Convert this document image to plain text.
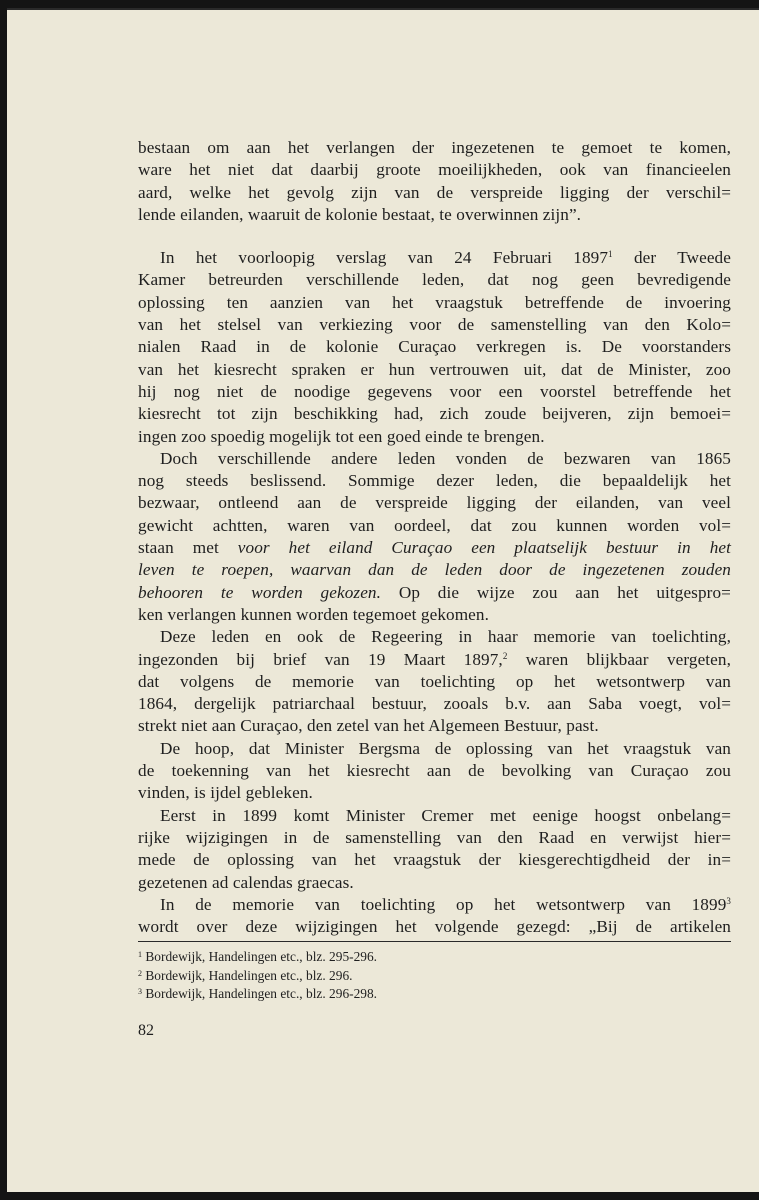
bestaan om aan het verlangen der ingezetenen te gemoet te komen,
ware het niet dat daarbij groote moeilijkheden, ook van financieelen
aard, welke het gevolg zijn van de verspreide ligging der verschil=
lende eilanden, waaruit de kolonie bestaat, te overwinnen zijn”.
In het voorloopig verslag van 24 Februari 1897$^1$ der Tweede
Kamer betreurden verschillende leden, dat nog geen bevredigende
oplossing ten aanzien van het vraagstuk betreffende de invoering
van het stelsel van verkiezing voor de samenstelling van den Kolo=
nialen Raad in de kolonie Curaçao verkregen is. De voorstanders
van het kiesrecht spraken er hun vertrouwen uit, dat de Minister, zoo
hij nog niet de noodige gegevens voor een voorstel betreffende het
kiesrecht tot zijn beschikking had, zich zoude beijveren, zijn bemoei=
ingen zoo spoedig mogelijk tot een goed einde te brengen.
Doch verschillende andere leden vonden de bezwaren van 1865
nog steeds beslissend. Sommige dezer leden, die bepaaldelijk het
bezwaar, ontleend aan de verspreide ligging der eilanden, van veel
gewicht achtten, waren van oordeel, dat zou kunnen worden vol=
staan met voor het eiland Curaçao een plaatselijk bestuur in het
leven te roepen, waarvan dan de leden door de ingezetenen zouden
behooren te worden gekozen. Op die wijze zou aan het uitgespro=
ken verlangen kunnen worden tegemoet gekomen.
Deze leden en ook de Regeering in haar memorie van toelichting,
ingezonden bij brief van 19 Maart 1897,$^2$ waren blijkbaar vergeten,
dat volgens de memorie van toelichting op het wetsontwerp van
1864, dergelijk patriarchaal bestuur, zooals b.v. aan Saba voegt, vol=
strekt niet aan Curaçao, den zetel van het Algemeen Bestuur, past.
De hoop, dat Minister Bergsma de oplossing van het vraagstuk van
de toekenning van het kiesrecht aan de bevolking van Curaçao zou
vinden, is ijdel gebleken.
Eerst in 1899 komt Minister Cremer met eenige hoogst onbelang=
rijke wijzigingen in de samenstelling van den Raad en verwijst hier=
mede de oplossing van het vraagstuk der kiesgerechtigdheid der in=
gezetenen ad calendas graecas.
In de memorie van toelichting op het wetsontwerp van 1899$^3$
wordt over deze wijzigingen het volgende gezegd: „Bij de artikelen
$^1$ Bordewijk, Handelingen etc., blz. 295-296.
$^2$ Bordewijk, Handelingen etc., blz. 296.
$^3$ Bordewijk, Handelingen etc., blz. 296-298.
82
